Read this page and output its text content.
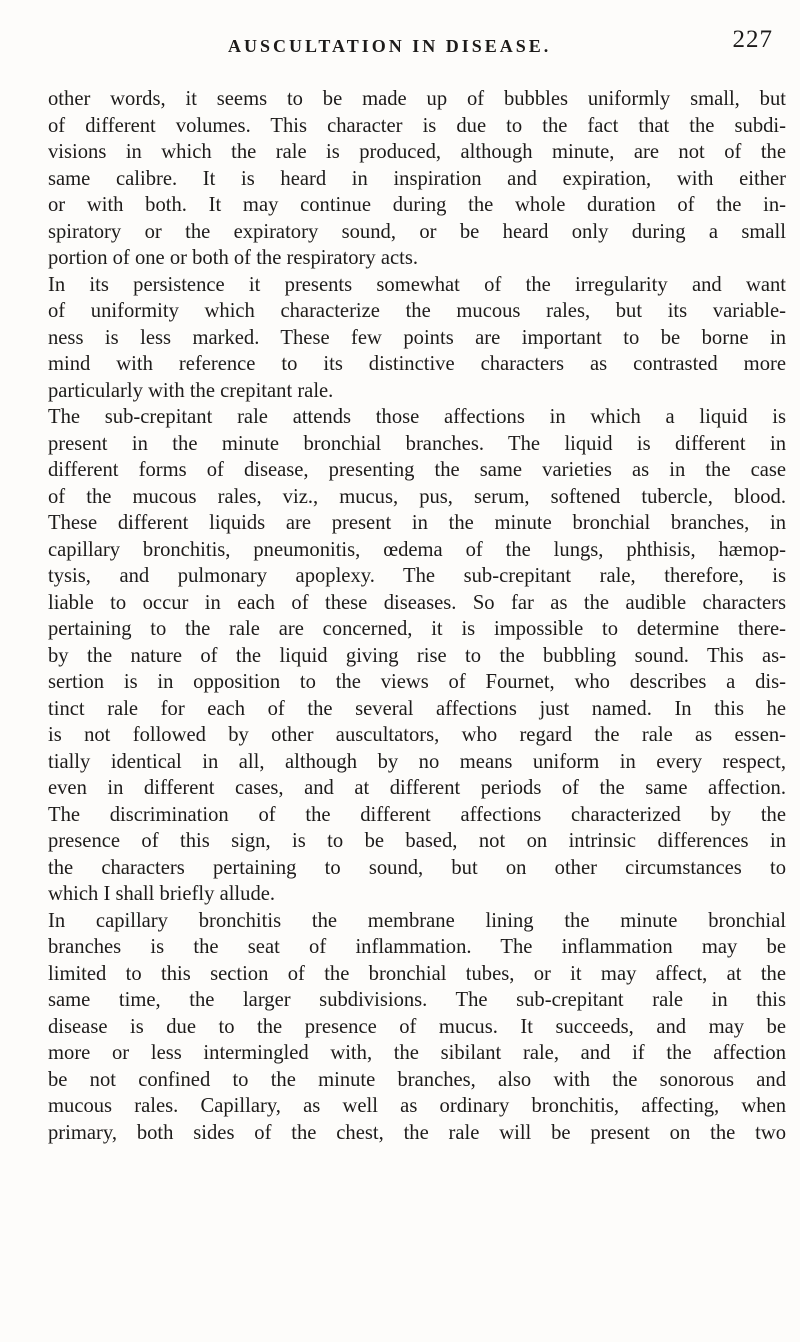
AUSCULTATION IN DISEASE.	227
other words, it seems to be made up of bubbles uniformly small, but
of different volumes. This character is due to the fact that the subdi-
visions in which the rale is produced, although minute, are not of the
same calibre. It is heard in inspiration and expiration, with either
or with both. It may continue during the whole duration of the in-
spiratory or the expiratory sound, or be heard only during a small
portion of one or both of the respiratory acts.
In its persistence it presents somewhat of the irregularity and want
of uniformity which characterize the mucous rales, but its variable-
ness is less marked. These few points are important to be borne in
mind with reference to its distinctive characters as contrasted more
particularly with the crepitant rale.
The sub-crepitant rale attends those affections in which a liquid is
present in the minute bronchial branches. The liquid is different in
different forms of disease, presenting the same varieties as in the case
of the mucous rales, viz., mucus, pus, serum, softened tubercle, blood.
These different liquids are present in the minute bronchial branches, in
capillary bronchitis, pneumonitis, œdema of the lungs, phthisis, hæmop-
tysis, and pulmonary apoplexy. The sub-crepitant rale, therefore, is
liable to occur in each of these diseases. So far as the audible characters
pertaining to the rale are concerned, it is impossible to determine there-
by the nature of the liquid giving rise to the bubbling sound. This as-
sertion is in opposition to the views of Fournet, who describes a dis-
tinct rale for each of the several affections just named. In this he
is not followed by other auscultators, who regard the rale as essen-
tially identical in all, although by no means uniform in every respect,
even in different cases, and at different periods of the same affection.
The discrimination of the different affections characterized by the
presence of this sign, is to be based, not on intrinsic differences in
the characters pertaining to sound, but on other circumstances to
which I shall briefly allude.
In capillary bronchitis the membrane lining the minute bronchial
branches is the seat of inflammation. The inflammation may be
limited to this section of the bronchial tubes, or it may affect, at the
same time, the larger subdivisions. The sub-crepitant rale in this
disease is due to the presence of mucus. It succeeds, and may be
more or less intermingled with, the sibilant rale, and if the affection
be not confined to the minute branches, also with the sonorous and
mucous rales. Capillary, as well as ordinary bronchitis, affecting, when
primary, both sides of the chest, the rale will be present on the two
